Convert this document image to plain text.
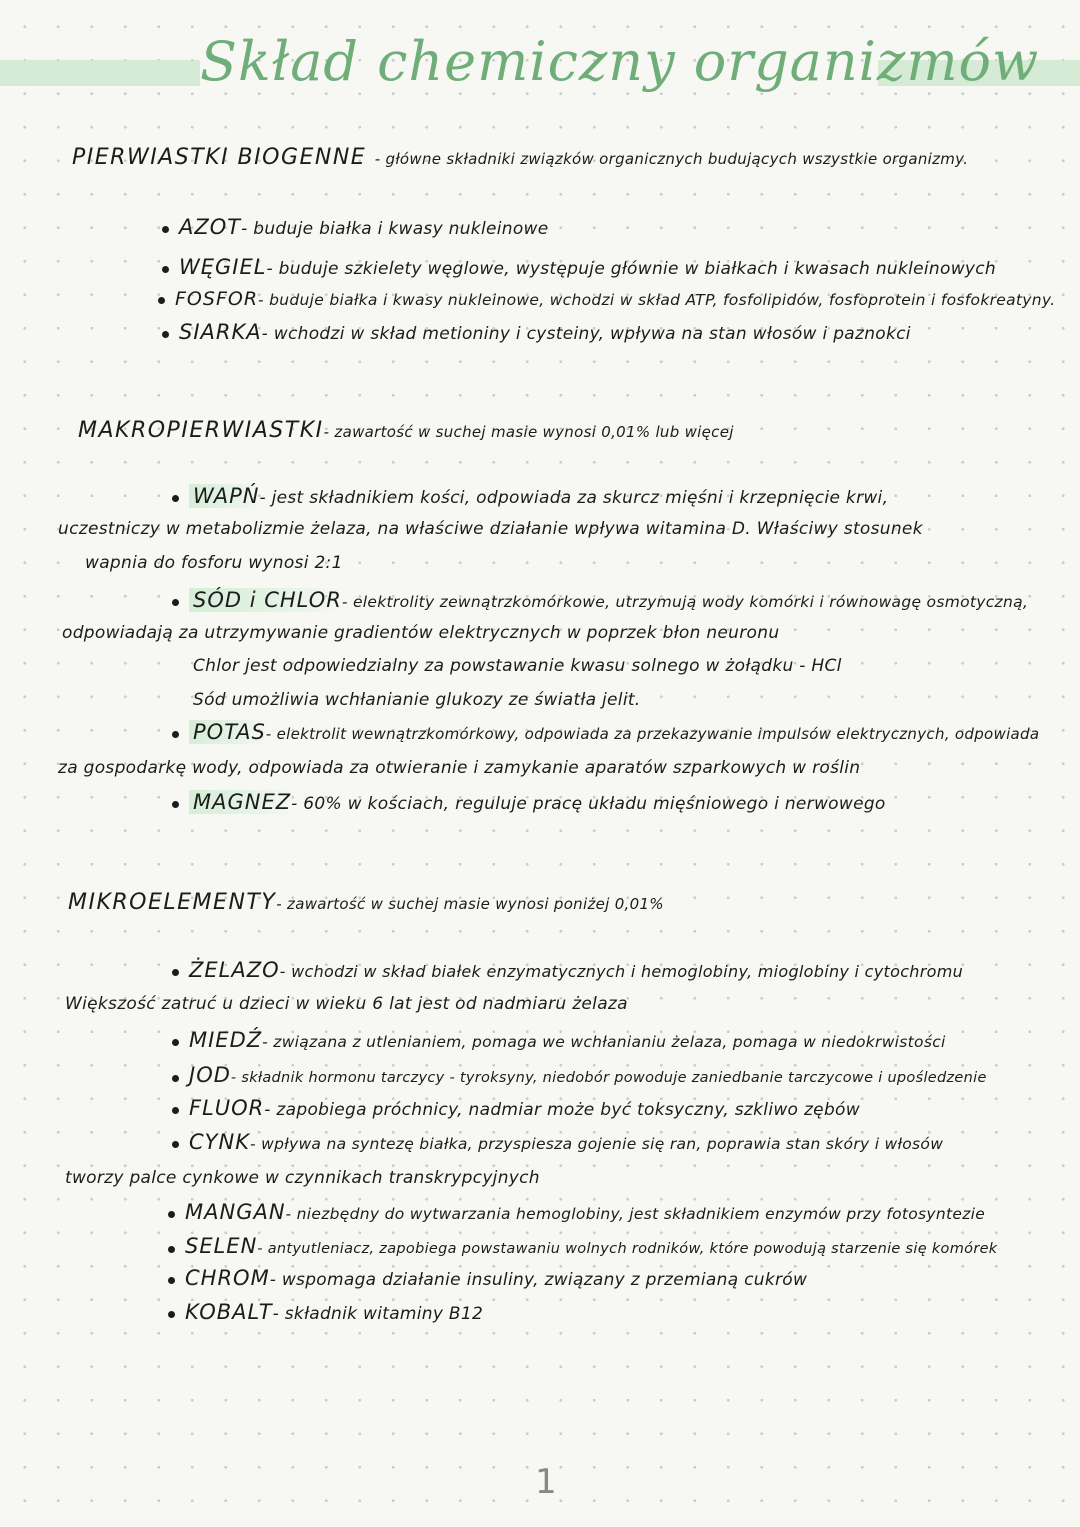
Skład chemiczny organizmów
PIERWIASTKI BIOGENNE - główne składniki związków organicznych budujących wszystkie organizmy.
AZOT- buduje białka i kwasy nukleinowe
WĘGIEL- buduje szkielety węglowe, występuje głównie w białkach i kwasach nukleinowych
FOSFOR- buduje białka i kwasy nukleinowe, wchodzi w skład ATP, fosfolipidów, fosfoprotein i fosfokreatyny.
SIARKA- wchodzi w skład metioniny i cysteiny, wpływa na stan włosów i paznokci
MAKROPIERWIASTKI- zawartość w suchej masie wynosi 0,01% lub więcej
WAPŃ- jest składnikiem kości, odpowiada za skurcz mięśni i krzepnięcie krwi,
uczestniczy w metabolizmie żelaza, na właściwe działanie wpływa witamina D. Właściwy stosunek
wapnia do fosforu wynosi 2:1
SÓD i CHLOR- elektrolity zewnątrzkomórkowe, utrzymują wody komórki i równowagę osmotyczną,
odpowiadają za utrzymywanie gradientów elektrycznych w poprzek błon neuronu
Chlor jest odpowiedzialny za powstawanie kwasu solnego w żołądku - HCl
Sód umożliwia wchłanianie glukozy ze światła jelit.
POTAS- elektrolit wewnątrzkomórkowy, odpowiada za przekazywanie impulsów elektrycznych, odpowiada
za gospodarkę wody, odpowiada za otwieranie i zamykanie aparatów szparkowych w roślin
MAGNEZ- 60% w kościach, reguluje pracę układu mięśniowego i nerwowego
MIKROELEMENTY- zawartość w suchej masie wynosi poniżej 0,01%
ŻELAZO- wchodzi w skład białek enzymatycznych i hemoglobiny, mioglobiny i cytochromu
Większość zatruć u dzieci w wieku 6 lat jest od nadmiaru żelaza
MIEDŹ- związana z utlenianiem, pomaga we wchłanianiu żelaza, pomaga w niedokrwistości
JOD- składnik hormonu tarczycy - tyroksyny, niedobór powoduje zaniedbanie tarczycowe i upośledzenie
FLUOR- zapobiega próchnicy, nadmiar może być toksyczny, szkliwo zębów
CYNK- wpływa na syntezę białka, przyspiesza gojenie się ran, poprawia stan skóry i włosów
tworzy palce cynkowe w czynnikach transkrypcyjnych
MANGAN- niezbędny do wytwarzania hemoglobiny, jest składnikiem enzymów przy fotosyntezie
SELEN- antyutleniacz, zapobiega powstawaniu wolnych rodników, które powodują starzenie się komórek
CHROM- wspomaga działanie insuliny, związany z przemianą cukrów
KOBALT- składnik witaminy B12
1
